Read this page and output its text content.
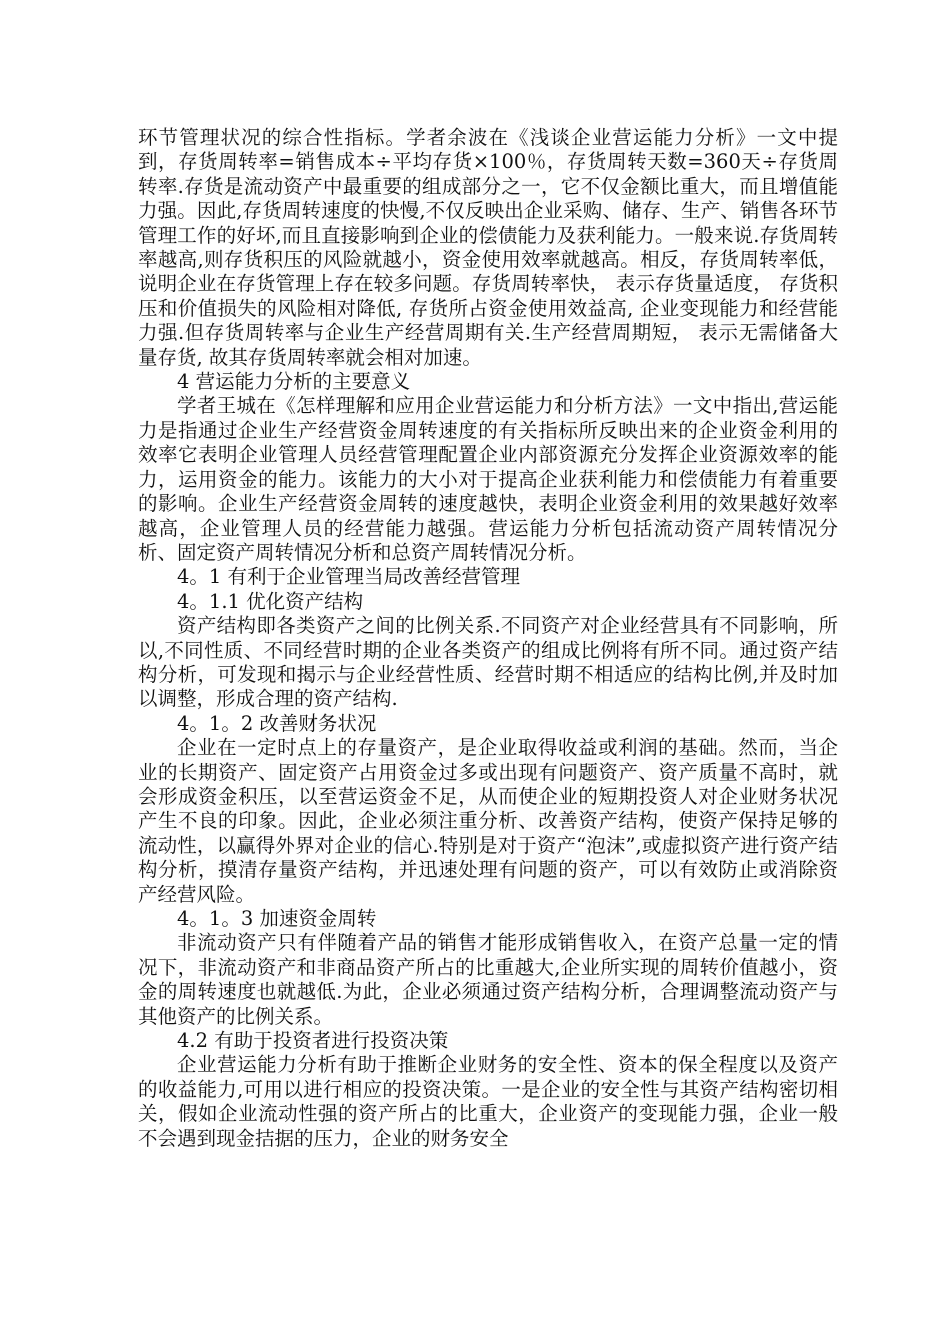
环节管理状况的综合性指标。学者余波在《浅谈企业营运能力分析》一文中提到，存货周转率=销售成本÷平均存货×100％，存货周转天数=360天÷存货周转率.存货是流动资产中最重要的组成部分之一，它不仅金额比重大，而且增值能力强。因此,存货周转速度的快慢,不仅反映出企业采购、储存、生产、销售各环节管理工作的好坏,而且直接影响到企业的偿债能力及获利能力。一般来说.存货周转率越高,则存货积压的风险就越小，资金使用效率就越高。相反，存货周转率低，说明企业在存货管理上存在较多问题。存货周转率快， 表示存货量适度， 存货积压和价值损失的风险相对降低, 存货所占资金使用效益高, 企业变现能力和经营能力强.但存货周转率与企业生产经营周期有关.生产经营周期短， 表示无需储备大量存货, 故其存货周转率就会相对加速。

4 营运能力分析的主要意义

学者王城在《怎样理解和应用企业营运能力和分析方法》一文中指出,营运能力是指通过企业生产经营资金周转速度的有关指标所反映出来的企业资金利用的效率它表明企业管理人员经营管理配置企业内部资源充分发挥企业资源效率的能力，运用资金的能力。该能力的大小对于提高企业获利能力和偿债能力有着重要的影响。企业生产经营资金周转的速度越快，表明企业资金利用的效果越好效率越高，企业管理人员的经营能力越强。营运能力分析包括流动资产周转情况分析、固定资产周转情况分析和总资产周转情况分析。

4。1 有利于企业管理当局改善经营管理

4。1.1 优化资产结构

资产结构即各类资产之间的比例关系.不同资产对企业经营具有不同影响，所以,不同性质、不同经营时期的企业各类资产的组成比例将有所不同。通过资产结构分析，可发现和揭示与企业经营性质、经营时期不相适应的结构比例,并及时加以调整，形成合理的资产结构.

4。1。2 改善财务状况

企业在一定时点上的存量资产，是企业取得收益或利润的基础。然而，当企业的长期资产、固定资产占用资金过多或出现有问题资产、资产质量不高时，就会形成资金积压，以至营运资金不足，从而使企业的短期投资人对企业财务状况产生不良的印象。因此，企业必须注重分析、改善资产结构，使资产保持足够的流动性，以赢得外界对企业的信心.特别是对于资产“泡沫”,或虚拟资产进行资产结构分析，摸清存量资产结构，并迅速处理有问题的资产，可以有效防止或消除资产经营风险。

4。1。3 加速资金周转

非流动资产只有伴随着产品的销售才能形成销售收入，在资产总量一定的情况下，非流动资产和非商品资产所占的比重越大,企业所实现的周转价值越小，资金的周转速度也就越低.为此，企业必须通过资产结构分析，合理调整流动资产与其他资产的比例关系。

4.2 有助于投资者进行投资决策

企业营运能力分析有助于推断企业财务的安全性、资本的保全程度以及资产的收益能力,可用以进行相应的投资决策。一是企业的安全性与其资产结构密切相关，假如企业流动性强的资产所占的比重大，企业资产的变现能力强，企业一般不会遇到现金拮据的压力，企业的财务安全
